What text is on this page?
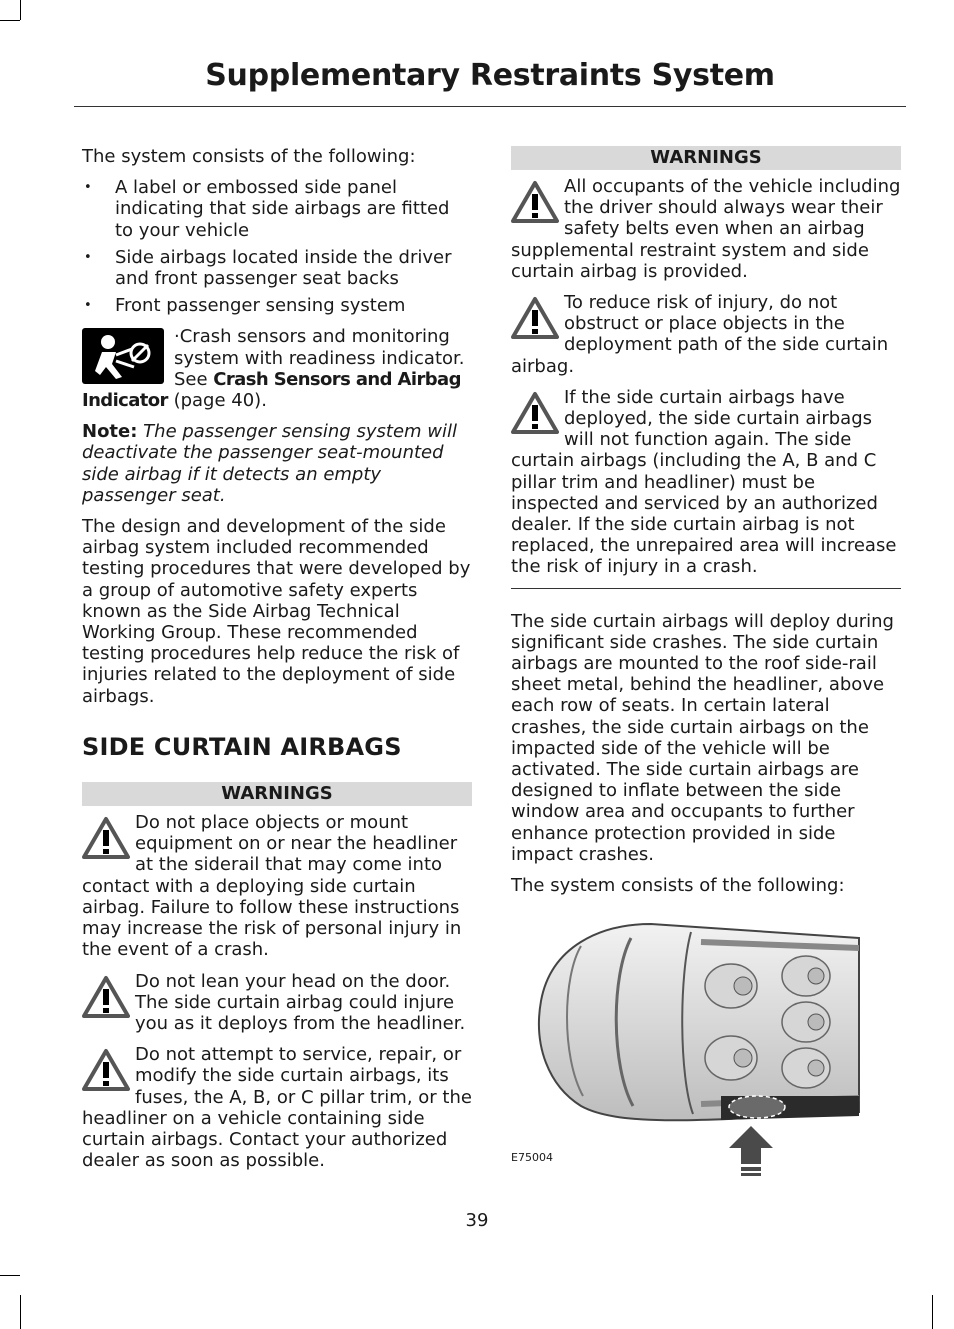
Supplementary Restraints System

The system consists of the following:

• A label or embossed side panel indicating that side airbags are fitted to your vehicle
• Side airbags located inside the driver and front passenger seat backs
• Front passenger sensing system

·Crash sensors and monitoring system with readiness indicator. See Crash Sensors and Airbag Indicator (page 40).

Note: The passenger sensing system will deactivate the passenger seat-mounted side airbag if it detects an empty passenger seat.

The design and development of the side airbag system included recommended testing procedures that were developed by a group of automotive safety experts known as the Side Airbag Technical Working Group. These recommended testing procedures help reduce the risk of injuries related to the deployment of side airbags.

SIDE CURTAIN AIRBAGS
WARNINGS
Do not place objects or mount equipment on or near the headliner at the siderail that may come into contact with a deploying side curtain airbag. Failure to follow these instructions may increase the risk of personal injury in the event of a crash.
Do not lean your head on the door. The side curtain airbag could injure you as it deploys from the headliner.
Do not attempt to service, repair, or modify the side curtain airbags, its fuses, the A, B, or C pillar trim, or the headliner on a vehicle containing side curtain airbags. Contact your authorized dealer as soon as possible.
WARNINGS
All occupants of the vehicle including the driver should always wear their safety belts even when an airbag supplemental restraint system and side curtain airbag is provided.
To reduce risk of injury, do not obstruct or place objects in the deployment path of the side curtain airbag.
If the side curtain airbags have deployed, the side curtain airbags will not function again. The side curtain airbags (including the A, B and C pillar trim and headliner) must be inspected and serviced by an authorized dealer. If the side curtain airbag is not replaced, the unrepaired area will increase the risk of injury in a crash.

The side curtain airbags will deploy during significant side crashes. The side curtain airbags are mounted to the roof side-rail sheet metal, behind the headliner, above each row of seats. In certain lateral crashes, the side curtain airbags on the impacted side of the vehicle will be activated. The side curtain airbags are designed to inflate between the side window area and occupants to further enhance protection provided in side impact crashes.

The system consists of the following:

E75004
39
